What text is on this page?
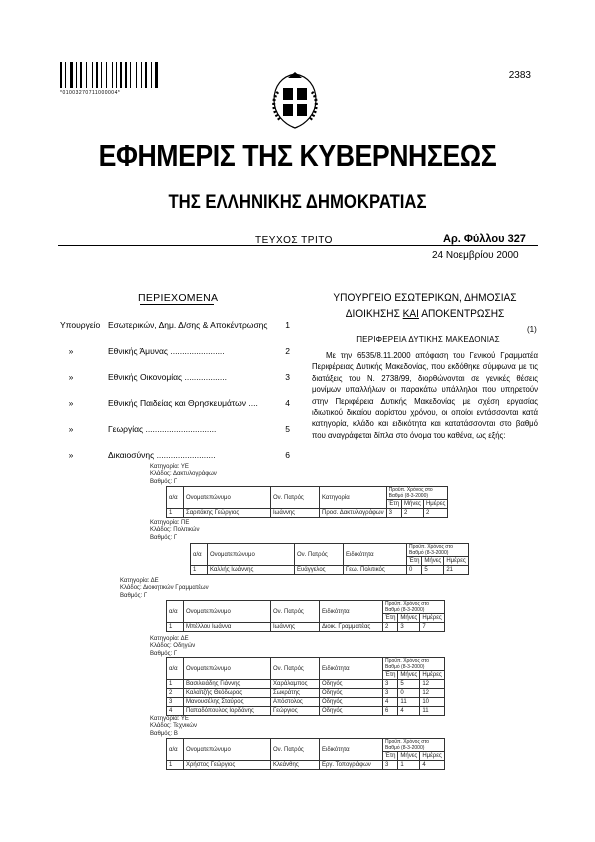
*01003270711000004*
2383
ΕΦΗΜΕΡΙΣ ΤΗΣ ΚΥΒΕΡΝΗΣΕΩΣ
ΤΗΣ ΕΛΛΗΝΙΚΗΣ ΔΗΜΟΚΡΑΤΙΑΣ
ΤΕΥΧΟΣ ΤΡΙΤΟ	Αρ. Φύλλου 327
24 Νοεμβρίου 2000
ΠΕΡΙΕΧΟΜΕΝΑ
Υπουργείο Εσωτερικών, Δημ. Δ/σης & Αποκέντρωσης	1
»	Εθνικής Άμυνας .......................	2
»	Εθνικής Οικονομίας ..................	3
»	Εθνικής Παιδείας και Θρησκευμάτων ....	4
»	Γεωργίας ..............................	5
»	Δικαιοσύνης .........................	6
ΥΠΟΥΡΓΕΙΟ ΕΣΩΤΕΡΙΚΩΝ, ΔΗΜΟΣΙΑΣ
ΔΙΟΙΚΗΣΗΣ ΚΑΙ ΑΠΟΚΕΝΤΡΩΣΗΣ
(1)
ΠΕΡΙΦΕΡΕΙΑ ΔΥΤΙΚΗΣ ΜΑΚΕΔΟΝΙΑΣ

Με την 6535/8.11.2000 απόφαση του Γενικού Γραμματέα Περιφέρειας Δυτικής Μακεδονίας, που εκδόθηκε σύμφωνα με τις διατάξεις του Ν. 2738/99, διορθώνονται σε γενικές θέσεις μονίμων υπαλλήλων οι παρακάτω υπάλληλοι που υπηρετούν στην Περιφέρεια Δυτικής Μακεδονίας με σχέση εργασίας ιδιωτικού δικαίου αορίστου χρόνου, οι οποίοι εντάσσονται κατά κατηγορία, κλάδο και ειδικότητα και κατατάσσονται στο βαθμό που αναγράφεται δίπλα στο όνομα του καθένα, ως εξής:

Κατηγορία: ΥΕ
Κλάδος: Δακτυλογράφων
Βαθμός: Γ
α/α	Ονοματεπώνυμο	Ον. Πατρός	Κατηγορία	Προϋπ. Χρόνος στο Βαθμό (8-3-2000)		
				Έτη	Μήνες	Ημέρες
1	Σαριτάκης Γεώργιος	Ιωάννης	Προσ. Δακτυλογράφων	3	2	2
Κατηγορία: ΠΕ
Κλάδος: Πολιτικών
Βαθμός: Γ
α/α	Ονοματεπώνυμο	Ον. Πατρός	Ειδικότητα	Προϋπ. Χρόνος στο Βαθμό (8-3-2000)		
				Έτη	Μήνες	Ημέρες
1	Καλλής Ιωάννης	Ευάγγελος	Γεω. Πολιτικός	0	5	21
Κατηγορία: ΔΕ
Κλάδος: Διοικητικών Γραμματέων
Βαθμός: Γ
α/α	Ονοματεπώνυμο	Ον. Πατρός	Ειδικότητα	Προϋπ. Χρόνος στο Βαθμό (8-3-2000)		
				Έτη	Μήνες	Ημέρες
1	Μπέλλου Ιωάννα	Ιωάννης	Διοικ. Γραμματέας	2	3	7
Κατηγορία: ΔΕ
Κλάδος: Οδηγών
Βαθμός: Γ
α/α	Ονοματεπώνυμο	Ον. Πατρός	Ειδικότητα	Προϋπ. Χρόνος στο Βαθμό (8-3-2000)		
				Έτη	Μήνες	Ημέρες
1	Βασιλειάδης Γιάννης	Χαράλαμπος	Οδηγός	3	5	12
2	Καλαϊτζής Θεόδωρος	Σωκράτης	Οδηγός	3	0	12
3	Μανουσέλης Σταύρος	Απόστολος	Οδηγός	4	11	10
4	Παπαδόπουλος Ιορδάνης	Γεώργιος	Οδηγός	6	4	11
Κατηγορία: ΥΕ
Κλάδος: Τεχνικών
Βαθμός: Β
α/α	Ονοματεπώνυμο	Ον. Πατρός	Ειδικότητα	Προϋπ. Χρόνος στο Βαθμό (8-3-2000)		
				Έτη	Μήνες	Ημέρες
1	Χρήστος Γεώργιος	Κλεάνθης	Εργ. Τοπογράφων	3	1	4
